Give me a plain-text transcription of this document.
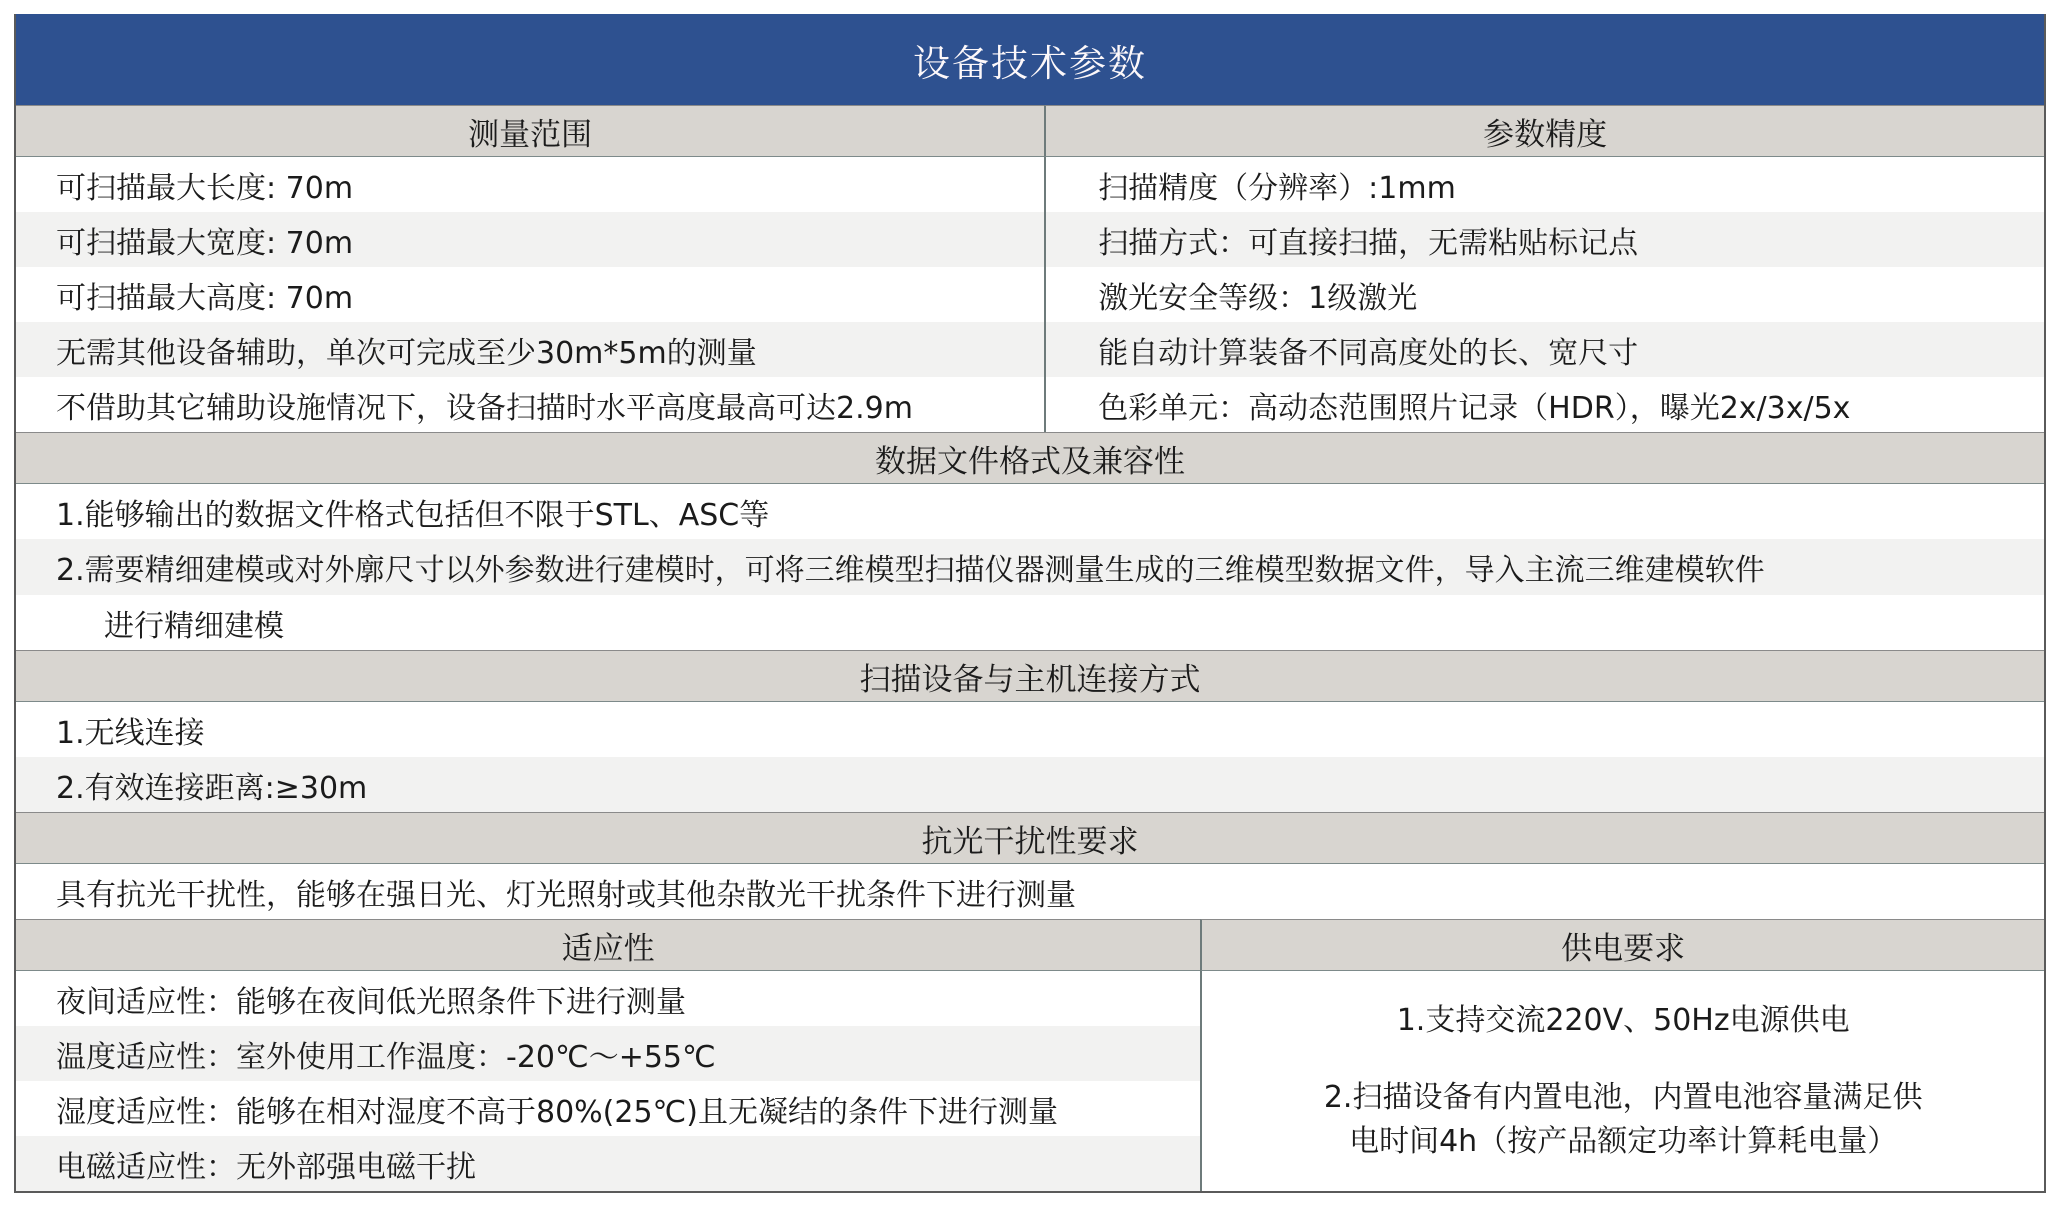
设备技术参数
测量范围	参数精度
可扫描最大长度: 70m	扫描精度（分辨率）:1mm
可扫描最大宽度: 70m	扫描方式：可直接扫描，无需粘贴标记点
可扫描最大高度: 70m	激光安全等级：1级激光
无需其他设备辅助，单次可完成至少30m*5m的测量	能自动计算装备不同高度处的长、宽尺寸
不借助其它辅助设施情况下，设备扫描时水平高度最高可达2.9m	色彩单元：高动态范围照片记录（HDR），曝光2x/3x/5x
数据文件格式及兼容性
1.能够输出的数据文件格式包括但不限于STL、ASC等
2.需要精细建模或对外廓尺寸以外参数进行建模时，可将三维模型扫描仪器测量生成的三维模型数据文件，导入主流三维建模软件
进行精细建模
扫描设备与主机连接方式
1.无线连接
2.有效连接距离:≥30m
抗光干扰性要求
具有抗光干扰性，能够在强日光、灯光照射或其他杂散光干扰条件下进行测量
适应性	供电要求
夜间适应性：能够在夜间低光照条件下进行测量
温度适应性：室外使用工作温度：-20℃～+55℃
湿度适应性：能够在相对湿度不高于80%(25℃)且无凝结的条件下进行测量
电磁适应性：无外部强电磁干扰
1.支持交流220V、50Hz电源供电
2.扫描设备有内置电池，内置电池容量满足供
电时间4h（按产品额定功率计算耗电量）
